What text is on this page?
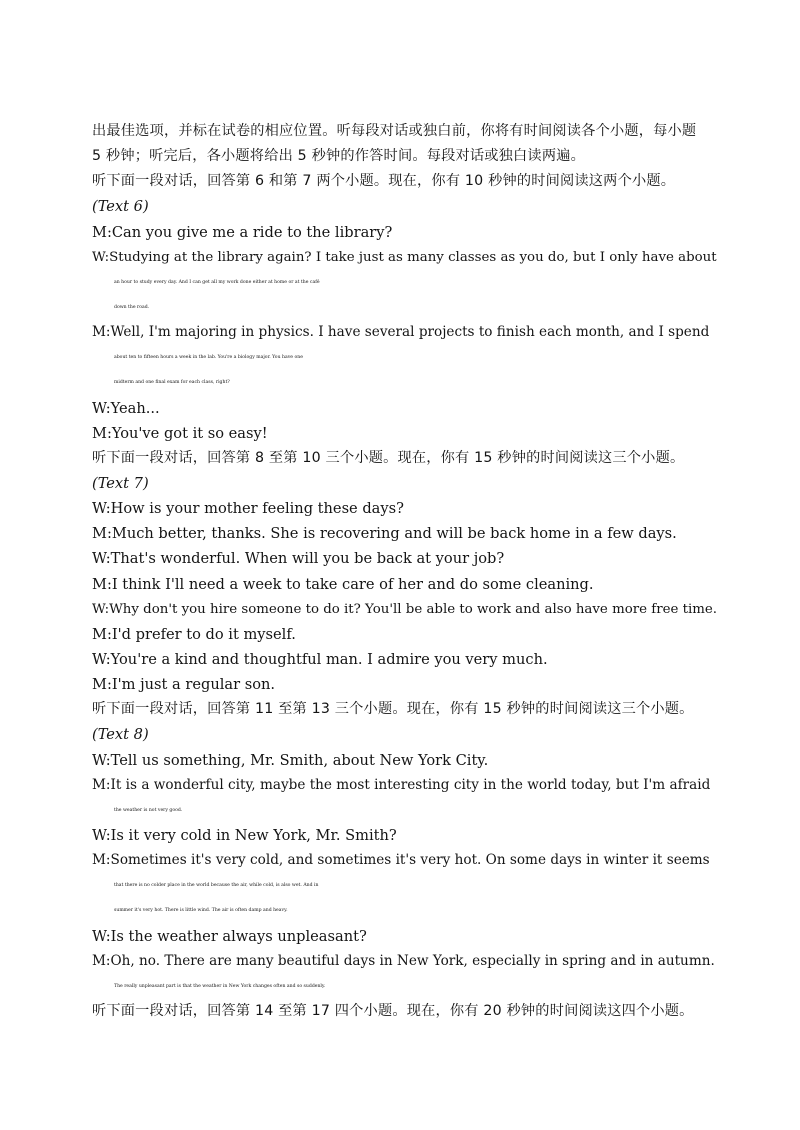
出最佳选项，并标在试卷的相应位置。听每段对话或独白前，你将有时间阅读各个小题，每小题
5 秒钟；听完后，各小题将给出 5 秒钟的作答时间。每段对话或独白读两遍。
听下面一段对话，回答第 6 和第 7 两个小题。现在，你有 10 秒钟的时间阅读这两个小题。
(Text 6)
M:Can you give me a ride to the library?
W:Studying at the library again? I take just as many classes as you do, but I only have about
an hour to study every day. And I can get all my work done either at home or at the café
down the road.
M:Well, I'm majoring in physics. I have several projects to finish each month, and I spend
about ten to fifteen hours a week in the lab. You're a biology major. You have one
midterm and one final exam for each class, right?
W:Yeah...
M:You've got it so easy!
听下面一段对话，回答第 8 至第 10 三个小题。现在，你有 15 秒钟的时间阅读这三个小题。
(Text 7)
W:How is your mother feeling these days?
M:Much better, thanks. She is recovering and will be back home in a few days.
W:That's wonderful. When will you be back at your job?
M:I think I'll need a week to take care of her and do some cleaning.
W:Why don't you hire someone to do it? You'll be able to work and also have more free time.
M:I'd prefer to do it myself.
W:You're a kind and thoughtful man. I admire you very much.
M:I'm just a regular son.
听下面一段对话，回答第 11 至第 13 三个小题。现在，你有 15 秒钟的时间阅读这三个小题。
(Text 8)
W:Tell us something, Mr. Smith, about New York City.
M:It is a wonderful city, maybe the most interesting city in the world today, but I'm afraid
the weather is not very good.
W:Is it very cold in New York, Mr. Smith?
M:Sometimes it's very cold, and sometimes it's very hot. On some days in winter it seems
that there is no colder place in the world because the air, while cold, is also wet. And in
summer it's very hot. There is little wind. The air is often damp and heavy.
W:Is the weather always unpleasant?
M:Oh, no. There are many beautiful days in New York, especially in spring and in autumn.
The really unpleasant part is that the weather in New York changes often and so suddenly.
听下面一段对话，回答第 14 至第 17 四个小题。现在，你有 20 秒钟的时间阅读这四个小题。
